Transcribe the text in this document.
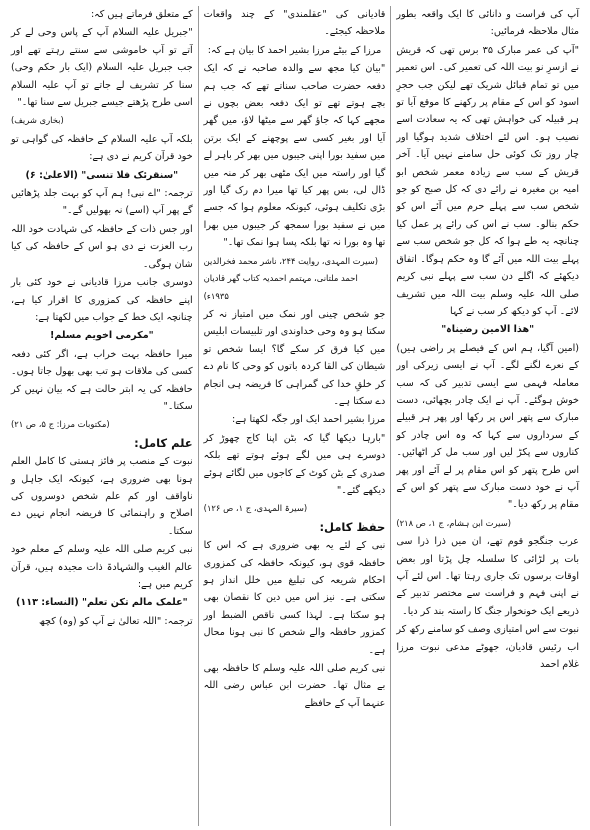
آپ کی فراست و دانائی کا ایک واقعہ بطور مثال ملاحظہ فرمائیں:

"آپ کی عمر مبارک ۳۵ برس تھی کہ قریش نے ازسرِ نو بیت اللہ کی تعمیر کی۔ اس تعمیر میں تو تمام قبائل شریک تھے لیکن جب حجرِ اسود کو اس کے مقام پر رکھنے کا موقع آیا تو ہر قبیلہ کی خواہش تھی کہ یہ سعادت اسے نصیب ہو۔ اس لئے اختلاف شدید ہوگیا اور چار روز تک کوئی حل سامنے نہیں آیا۔ آخر قریش کے سب سے زیادہ معمر شخص ابو امیہ بن مغیرہ نے رائے دی کہ کل صبح کو جو شخص سب سے پہلے حرم میں آئے اس کو حکم بنالو۔ سب نے اس کی رائے پر عمل کیا چنانچہ یہ طے ہوا کہ کل جو شخص سب سے پہلے بیت اللہ میں آئے گا وہ حکم ہوگا۔ اتفاق دیکھئے کہ اگلے دن سب سے پہلے نبی کریم صلی اللہ علیہ وسلم بیت اللہ میں تشریف لائے۔ آپ کو دیکھ کر سب نے کہا

"ھذا الامین رضیناہ"

(امین آگیا، ہم اس کے فیصلے پر راضی ہیں) کے نعرے لگنے لگے۔ آپ نے ایسی زیرکی اور معاملہ فہمی سے ایسی تدبیر کی کہ سب خوش ہوگئے۔ آپ نے ایک چادر بچھائی، دست مبارک سے پتھر اس پر رکھا اور پھر ہر قبیلے کے سرداروں سے کہا کہ وہ اس چادر کو کناروں سے پکڑ لیں اور سب مل کر اٹھائیں۔ اس طرح پتھر کو اس مقام پر لے آئے اور پھر آپ نے خود دست مبارک سے پتھر کو اس کے مقام پر رکھ دیا۔"

(سیرت ابن ہشام، ج ۱، ص ۲۱۸)

عرب جنگجو قوم تھے، ان میں ذرا ذرا سی بات پر لڑائی کا سلسلہ چل پڑتا اور بعض اوقات برسوں تک جاری رہتا تھا۔ اس لئے آپ نے اپنی فہم و فراست سے مختصر تدبیر کے ذریعے ایک خونخوار جنگ کا راستہ بند کر دیا۔

نبوت سے اس امتیازی وصف کو سامنے رکھ کر اب رئیس قادیان، جھوٹے مدعی نبوت مرزا غلام احمد

قادیانی کی "عقلمندی" کے چند واقعات ملاحظہ کیجئے۔

مرزا کے بیٹے مرزا بشیر احمد کا بیان ہے کہ:

"بیان کیا مجھ سے والدہ صاحبہ نے کہ ایک دفعہ حضرت صاحب سناتے تھے کہ جب ہم بچے ہوتے تھے تو ایک دفعہ بعض بچوں نے مجھے کہا کہ جاؤ گھر سے میٹھا لاؤ، میں گھر آیا اور بغیر کسی سے پوچھنے کے ایک برتن میں سفید بورا اپنی جیبوں میں بھر کر باہر لے گیا اور راستہ میں ایک مٹھی بھر کر منہ میں ڈال لی، بس پھر کیا تھا میرا دم رک گیا اور بڑی تکلیف ہوئی، کیونکہ معلوم ہوا کہ جسے میں نے سفید بورا سمجھ کر جیبوں میں بھرا تھا وہ بورا نہ تھا بلکہ پسا ہوا نمک تھا۔"

(سیرت المہدی، روایت ۲۴۴، ناشر محمد فخرالدین احمد ملتانی، مہتمم احمدیہ کتاب گھر قادیان ۱۹۳۵ء)

جو شخص چینی اور نمک میں امتیاز نہ کر سکتا ہو وہ وحی خداوندی اور تلبیسات ابلیس میں کیا فرق کر سکے گا؟ ایسا شخص تو شیطان کی القا کردہ باتوں کو وحی کا نام دے کر خلقِ خدا کی گمراہی کا فریضہ ہی انجام دے سکتا ہے۔

مرزا بشیر احمد ایک اور جگہ لکھتا ہے:

"بارہا دیکھا گیا کہ بٹن اپنا کاج چھوڑ کر دوسرے ہی میں لگے ہوئے ہوتے تھے بلکہ صدری کے بٹن کوٹ کے کاجوں میں لگائے ہوئے دیکھے گئے۔"

(سیرۃ المہدی، ج ۱، ص ۱۲۶)

حفظ کامل:

نبی کے لئے یہ بھی ضروری ہے کہ اس کا حافظہ قوی ہو، کیونکہ حافظہ کی کمزوری احکام شریعہ کی تبلیغ میں خلل انداز ہو سکتی ہے۔ نیز اس میں دین کا نقصان بھی ہو سکتا ہے۔ لہذا کسی ناقص الضبط اور کمزور حافظہ والے شخص کا نبی ہونا محال ہے۔

نبی کریم صلی اللہ علیہ وسلم کا حافظہ بھی بے مثال تھا۔ حضرت ابن عباس رضی اللہ عنہما آپ کے حافظے

کے متعلق فرماتے ہیں کہ:

"جبریل علیہ السلام آپ کے پاس وحی لے کر آتے تو آپ خاموشی سے سنتے رہتے تھے اور جب جبریل علیہ السلام (ایک بار حکم وحی) سنا کر تشریف لے جاتے تو آپ علیہ السلام اسی طرح پڑھتے جیسے جبریل سے سنا تھا۔"

(بخاری شریف)

بلکہ آپ علیہ السلام کے حافظہ کی گواہی تو خود قرآن کریم نے دی ہے:

"سنقرئک فلا تنسی" (الاعلیٰ: ۶)

ترجمہ: "اے نبی! ہم آپ کو بہت جلد پڑھائیں گے پھر آپ (اسے) نہ بھولیں گے۔"

اور جس ذات کے حافظہ کی شہادت خود اللہ رب العزت نے دی ہو اس کے حافظہ کی کیا شان ہوگی۔

دوسری جانب مرزا قادیانی نے خود کئی بار اپنے حافظہ کی کمزوری کا اقرار کیا ہے، چنانچہ ایک خط کے جواب میں لکھتا ہے:

"مکرمی اخویم مسلم!

میرا حافظہ بہت خراب ہے، اگر کئی دفعہ کسی کی ملاقات ہو تب بھی بھول جاتا ہوں۔ حافظہ کی یہ ابتر حالت ہے کہ بیان نہیں کر سکتا۔"

(مکتوبات مرزا: ج ۵، ص ۲۱)

علم کامل:

نبوت کے منصب پر فائز ہستی کا کامل العلم ہونا بھی ضروری ہے، کیونکہ ایک جاہل و ناواقف اور کم علم شخص دوسروں کی اصلاح و راہنمائی کا فریضہ انجام نہیں دے سکتا۔

نبی کریم صلی اللہ علیہ وسلم کے معلم خود عالم الغیب والشہادۃ ذات مجیدہ ہیں، قرآن کریم میں ہے:

"علمک مالم تکن تعلم" (النساء: ۱۱۳)

ترجمہ: "اللہ تعالیٰ نے آپ کو (وہ) کچھ
